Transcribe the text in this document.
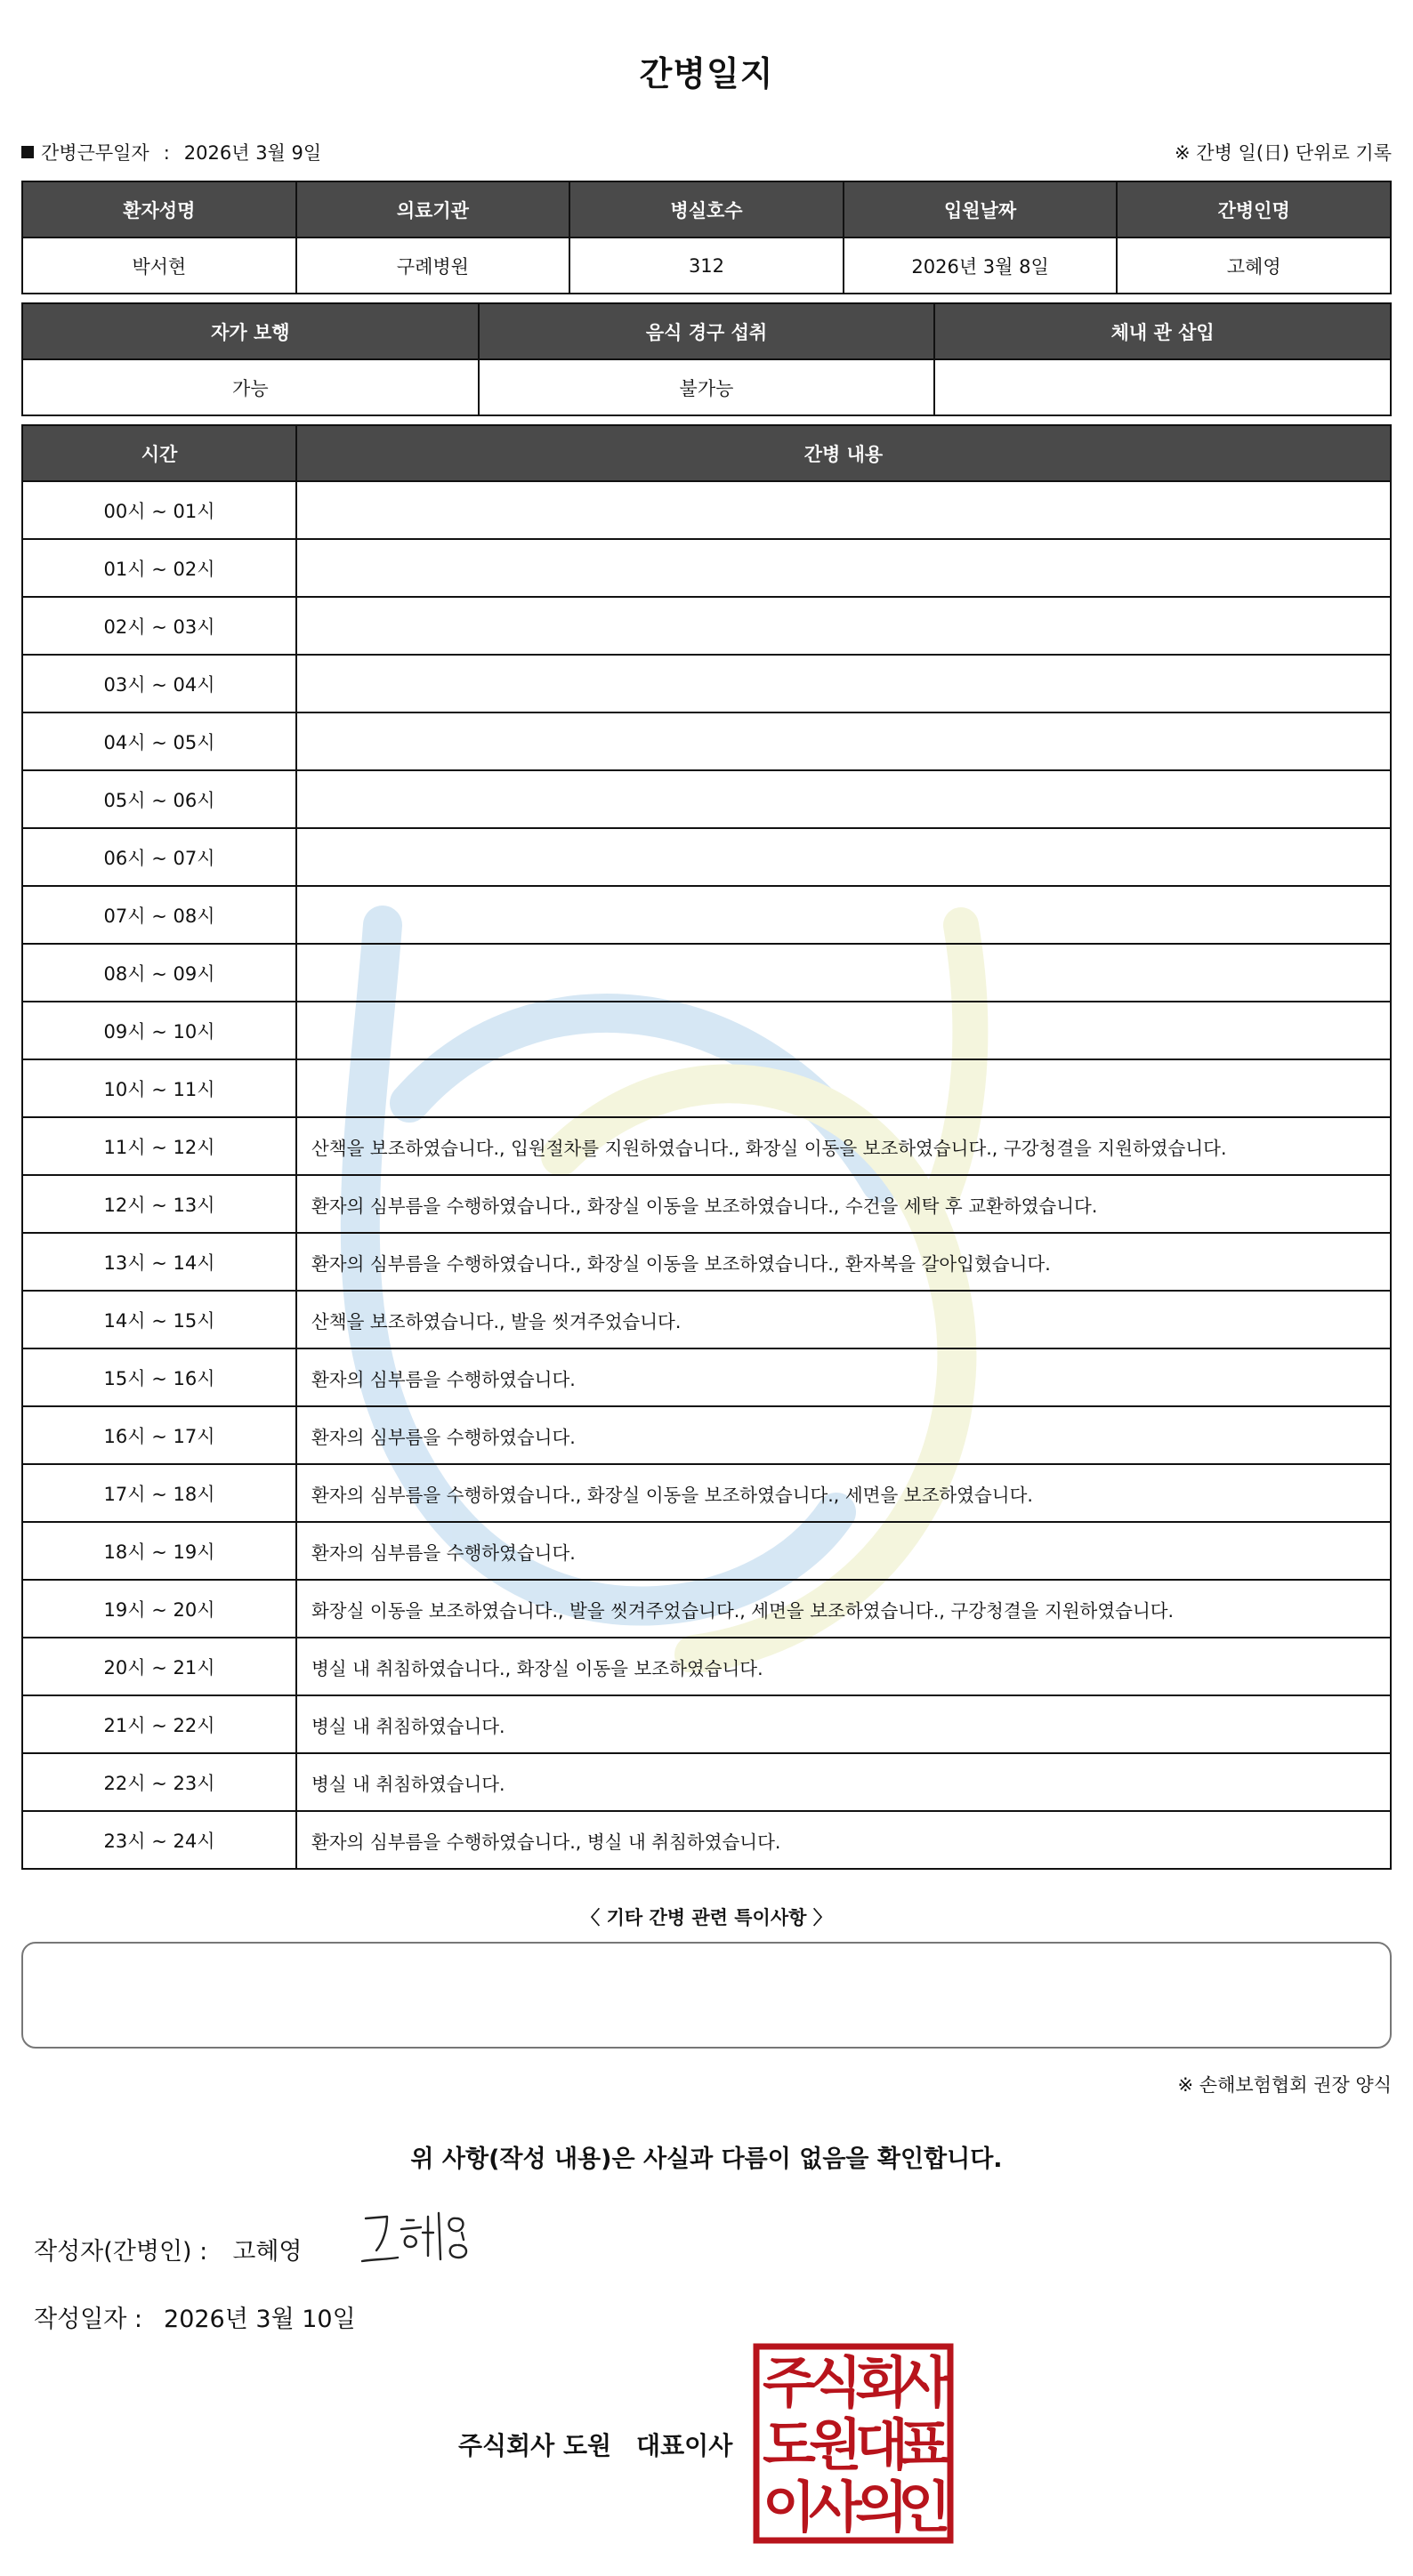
간병일지
간병근무일자 : 2026년 3월 9일	※ 간병 일(日) 단위로 기록
환자성명	의료기관	병실호수	입원날짜	간병인명
박서현	구례병원	312	2026년 3월 8일	고혜영
자가 보행	음식 경구 섭취	체내 관 삽입
가능	불가능	
시간	간병 내용
00시 ~ 01시	
01시 ~ 02시	
02시 ~ 03시	
03시 ~ 04시	
04시 ~ 05시	
05시 ~ 06시	
06시 ~ 07시	
07시 ~ 08시	
08시 ~ 09시	
09시 ~ 10시	
10시 ~ 11시	
11시 ~ 12시	산책을 보조하였습니다., 입원절차를 지원하였습니다., 화장실 이동을 보조하였습니다., 구강청결을 지원하였습니다.
12시 ~ 13시	환자의 심부름을 수행하였습니다., 화장실 이동을 보조하였습니다., 수건을 세탁 후 교환하였습니다.
13시 ~ 14시	환자의 심부름을 수행하였습니다., 화장실 이동을 보조하였습니다., 환자복을 갈아입혔습니다.
14시 ~ 15시	산책을 보조하였습니다., 발을 씻겨주었습니다.
15시 ~ 16시	환자의 심부름을 수행하였습니다.
16시 ~ 17시	환자의 심부름을 수행하였습니다.
17시 ~ 18시	환자의 심부름을 수행하였습니다., 화장실 이동을 보조하였습니다., 세면을 보조하였습니다.
18시 ~ 19시	환자의 심부름을 수행하였습니다.
19시 ~ 20시	화장실 이동을 보조하였습니다., 발을 씻겨주었습니다., 세면을 보조하였습니다., 구강청결을 지원하였습니다.
20시 ~ 21시	병실 내 취침하였습니다., 화장실 이동을 보조하였습니다.
21시 ~ 22시	병실 내 취침하였습니다.
22시 ~ 23시	병실 내 취침하였습니다.
23시 ~ 24시	환자의 심부름을 수행하였습니다., 병실 내 취침하였습니다.
〈 기타 간병 관련 특이사항 〉
※ 손해보험협회 권장 양식
위 사항(작성 내용)은 사실과 다름이 없음을 확인합니다.
작성자(간병인) : 고혜영
작성일자 : 2026년 3월 10일
주식회사 도원 대표이사
주
식
회
사
도
원
대
표
이
사
의
인
